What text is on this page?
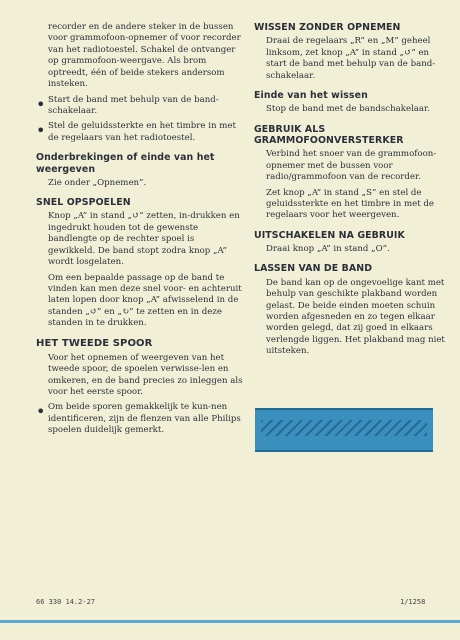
recorder en de andere steker in de bussen voor grammofoon-opnemer of voor recorder van het radiotoestel. Schakel de ontvanger op grammofoon-weergave. Als brom optreedt, één of beide stekers andersom insteken.

• Start de band met behulp van de band-schakelaar.

• Stel de geluidssterkte en het timbre in met de regelaars van het radiotoestel.

Onderbrekingen of einde van het weergeven

Zie onder „Opnemen”.

SNEL OPSPOELEN

Knop „A” in stand „↺” zetten, in-drukken en ingedrukt houden tot de gewenste bandlengte op de rechter spoel is gewikkeld. De band stopt zodra knop „A” wordt losgelaten.

Om een bepaalde passage op de band te vinden kan men deze snel voor- en achteruit laten lopen door knop „A” afwisselend in de standen „↺” en „↻” te zetten en in deze standen in te drukken.

HET TWEEDE SPOOR

Voor het opnemen of weergeven van het tweede spoor, de spoelen verwisse-len en omkeren, en de band precies zo inleggen als voor het eerste spoor.

• Om beide sporen gemakkelijk te kun-nen identificeren, zijn de flenzen van alle Philips spoelen duidelijk gemerkt.

WISSEN ZONDER OPNEMEN

Draai de regelaars „R” en „M” geheel linksom, zet knop „A” in stand „↺” en start de band met behulp van de band-schakelaar.

Einde van het wissen

Stop de band met de bandschakelaar.

GEBRUIK ALS GRAMMOFOONVERSTERKER

Verbind het snoer van de grammofoon-opnemer met de bussen voor radio/grammofoon van de recorder.

Zet knop „A” in stand „S” en stel de geluidssterkte en het timbre in met de regelaars voor het weergeven.

UITSCHAKELEN NA GEBRUIK

Draai knop „A” in stand „O”.

LASSEN VAN DE BAND

De band kan op de ongevoelige kant met behulp van geschikte plakband worden gelast. De beide einden moeten schuin worden afgesneden en zo tegen elkaar worden gelegd, dat zij goed in elkaars verlengde liggen. Het plakband mag niet uitsteken.

66 330 14.2-27	1/1258
